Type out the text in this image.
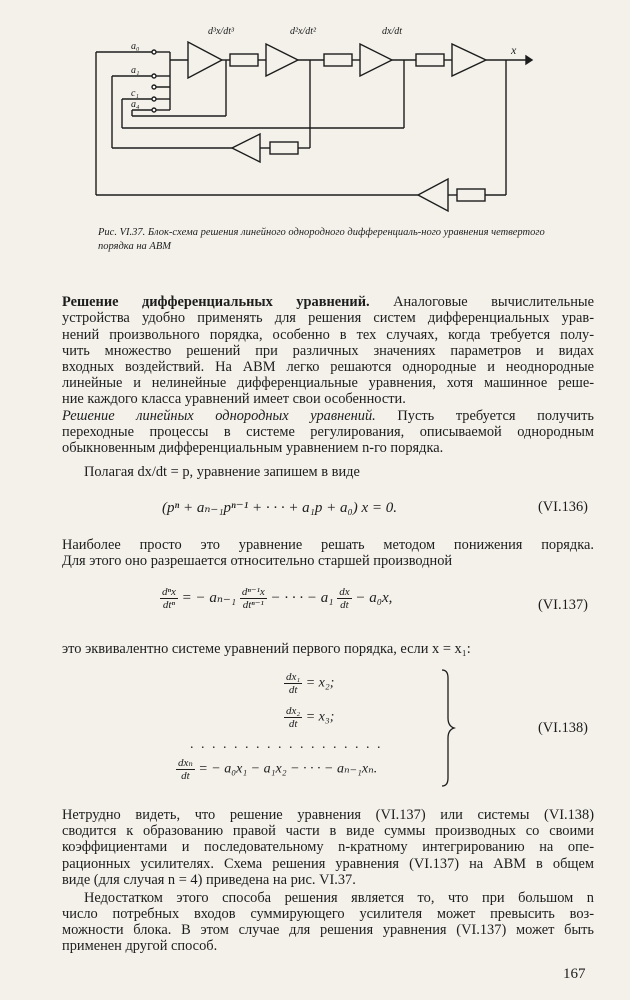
d³x/dt³	d²x/dt²	dx/dt
x
a₀
a₁
c₁
a₄
Рис. VI.37. Блок-схема решения линейного однородного дифференциаль-ного уравнения четвертого порядка на АВМ
Решение дифференциальных уравнений. Аналоговые вычислительные
устройства удобно применять для решения систем дифференциальных урав-
нений произвольного порядка, особенно в тех случаях, когда требуется полу-
чить множество решений при различных значениях параметров и видах
входных воздействий. На АВМ легко решаются однородные и неоднородные
линейные и нелинейные дифференциальные уравнения, хотя машинное реше-
ние каждого класса уравнений имеет свои особенности.
Решение линейных однородных уравнений. Пусть требуется получить
переходные процессы в системе регулирования, описываемой однородным
обыкновенным дифференциальным уравнением n-го порядка.
Полагая dx/dt = p, уравнение запишем в виде
(pⁿ + aₙ₋₁pⁿ⁻¹ + · · · + a₁p + a₀) x = 0.	(VI.136)
Наиболее просто это уравнение решать методом понижения порядка.
Для этого оно разрешается относительно старшей производной
$\frac{\text{dⁿx}}{\text{dtⁿ}}$ = − $a_{n-1} \frac{\text{dⁿ⁻¹x}}{\text{dtⁿ⁻¹}}$ − · · · − $a_1 \frac{dx}{dt} - a_0x$,	(VI.137)
это эквивалентно системе уравнений первого порядка, если x = x₁:
$\frac{\text{dx₁}}{dt} = x_2$;
$\frac{\text{dx₂}}{dt} = x_3$;
. . . . . . . . . . . . . . . . . .
$\frac{\text{dxₙ}}{dt}$ = − a₀x₁ − a₁x₂ − · · · − aₙ₋₁xₙ.
(VI.138)
Нетрудно видеть, что решение уравнения (VI.137) или системы (VI.138)
сводится к образованию правой части в виде суммы производных со своими
коэффициентами и последовательному n-кратному интегрированию на опе-
рационных усилителях. Схема решения уравнения (VI.137) на АВМ в общем
виде (для случая n = 4) приведена на рис. VI.37.
Недостатком этого способа решения является то, что при большом n
число потребных входов суммирующего усилителя может превысить воз-
можности блока. В этом случае для решения уравнения (VI.137) может быть
применен другой способ.
167
